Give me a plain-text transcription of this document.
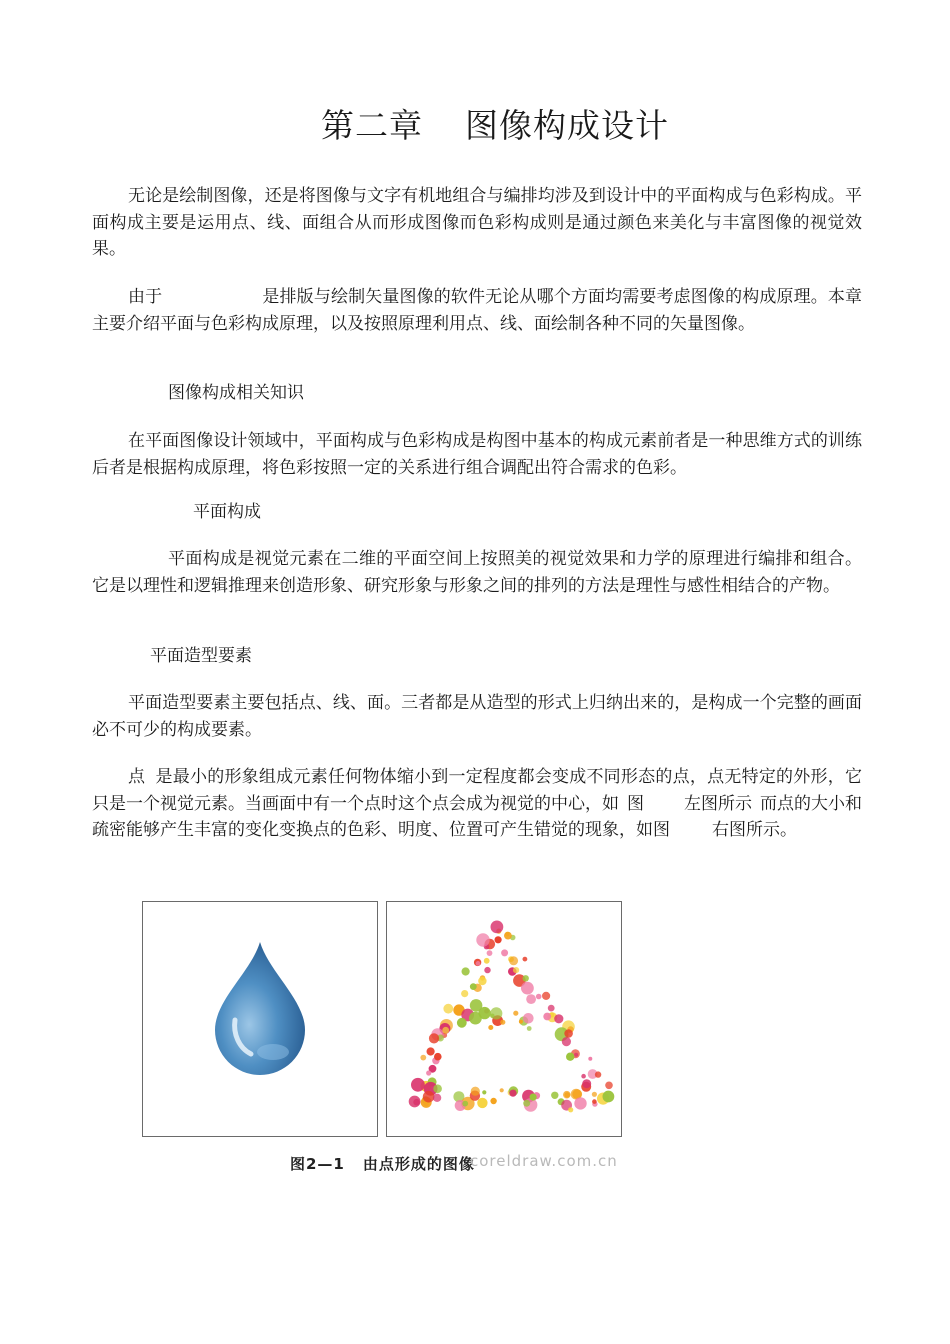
第二章 图像构成设计

无论是绘制图像，还是将图像与文字有机地组合与编排均涉及到设计中的平面构成与色彩构成。平面构成主要是运用点、线、面组合从而形成图像而色彩构成则是通过颜色来美化与丰富图像的视觉效果。

由于	是排版与绘制矢量图像的软件无论从哪个方面均需要考虑图像的构成原理。本章主要介绍平面与色彩构成原理，以及按照原理利用点、线、面绘制各种不同的矢量图像。

图像构成相关知识

在平面图像设计领域中，平面构成与色彩构成是构图中基本的构成元素前者是一种思维方式的训练后者是根据构成原理，将色彩按照一定的关系进行组合调配出符合需求的色彩。

平面构成

平面构成是视觉元素在二维的平面空间上按照美的视觉效果和力学的原理进行编排和组合。它是以理性和逻辑推理来创造形象、研究形象与形象之间的排列的方法是理性与感性相结合的产物。

平面造型要素

平面造型要素主要包括点、线、面。三者都是从造型的形式上归纳出来的，是构成一个完整的画面必不可少的构成要素。

点 是最小的形象组成元素任何物体缩小到一定程度都会变成不同形态的点，点无特定的外形，它只是一个视觉元素。当画面中有一个点时这个点会成为视觉的中心，如 图 左图所示 而点的大小和疏密能够产生丰富的变化变换点的色彩、明度、位置可产生错觉的现象，如图 右图所示。

图2—1 由点形成的图像
coreldraw.com.cn
